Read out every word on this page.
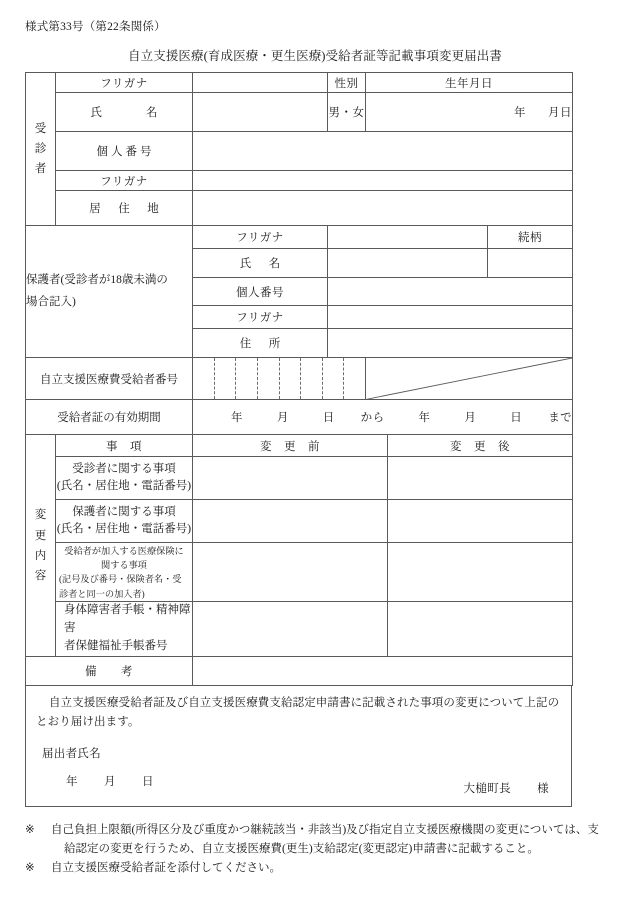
様式第33号（第22条関係）
自立支援医療(育成医療・更生医療)受給者証等記載事項変更届出書
受
診
者	フリガナ		性別	生年月日		
	氏　　名		男・女	年 月日		
	個人番号					
	フリガナ					
	居　住　地					
保護者(受診者が18歳未満の
場合記入)		フリガナ				続柄
		氏　名				
		個人番号				
		フリガナ				
		住　所				
自立支援医療費受給者番号	

受給者証の有効期間		年 月 日 から 年 月 日 まで				

変
更
内
容	事　項	変　更　前			変　更　後	

	受診者に関する事項
(氏名・居住地・電話番号)					

	保護者に関する事項
(氏名・居住地・電話番号)					

	受給者が加入する医療保険に
関する事項
(記号及び番号・保険者名・受
診者と同一の加入者)					

	身体障害者手帳・精神障害
者保健福祉手帳番号					

備　　考						
自立支援医療受給者証及び自立支援医療費支給認定申請書に記載された事項の変更について上記のとおり届け出ます。
届出者氏名
年 月 日
大槌町長 様
※	自己負担上限額(所得区分及び重度かつ継続該当・非該当)及び指定自立支援医療機関の変更については、支
給認定の変更を行うため、自立支援医療費(更生)支給認定(変更認定)申請書に記載すること。
※	自立支援医療受給者証を添付してください。
